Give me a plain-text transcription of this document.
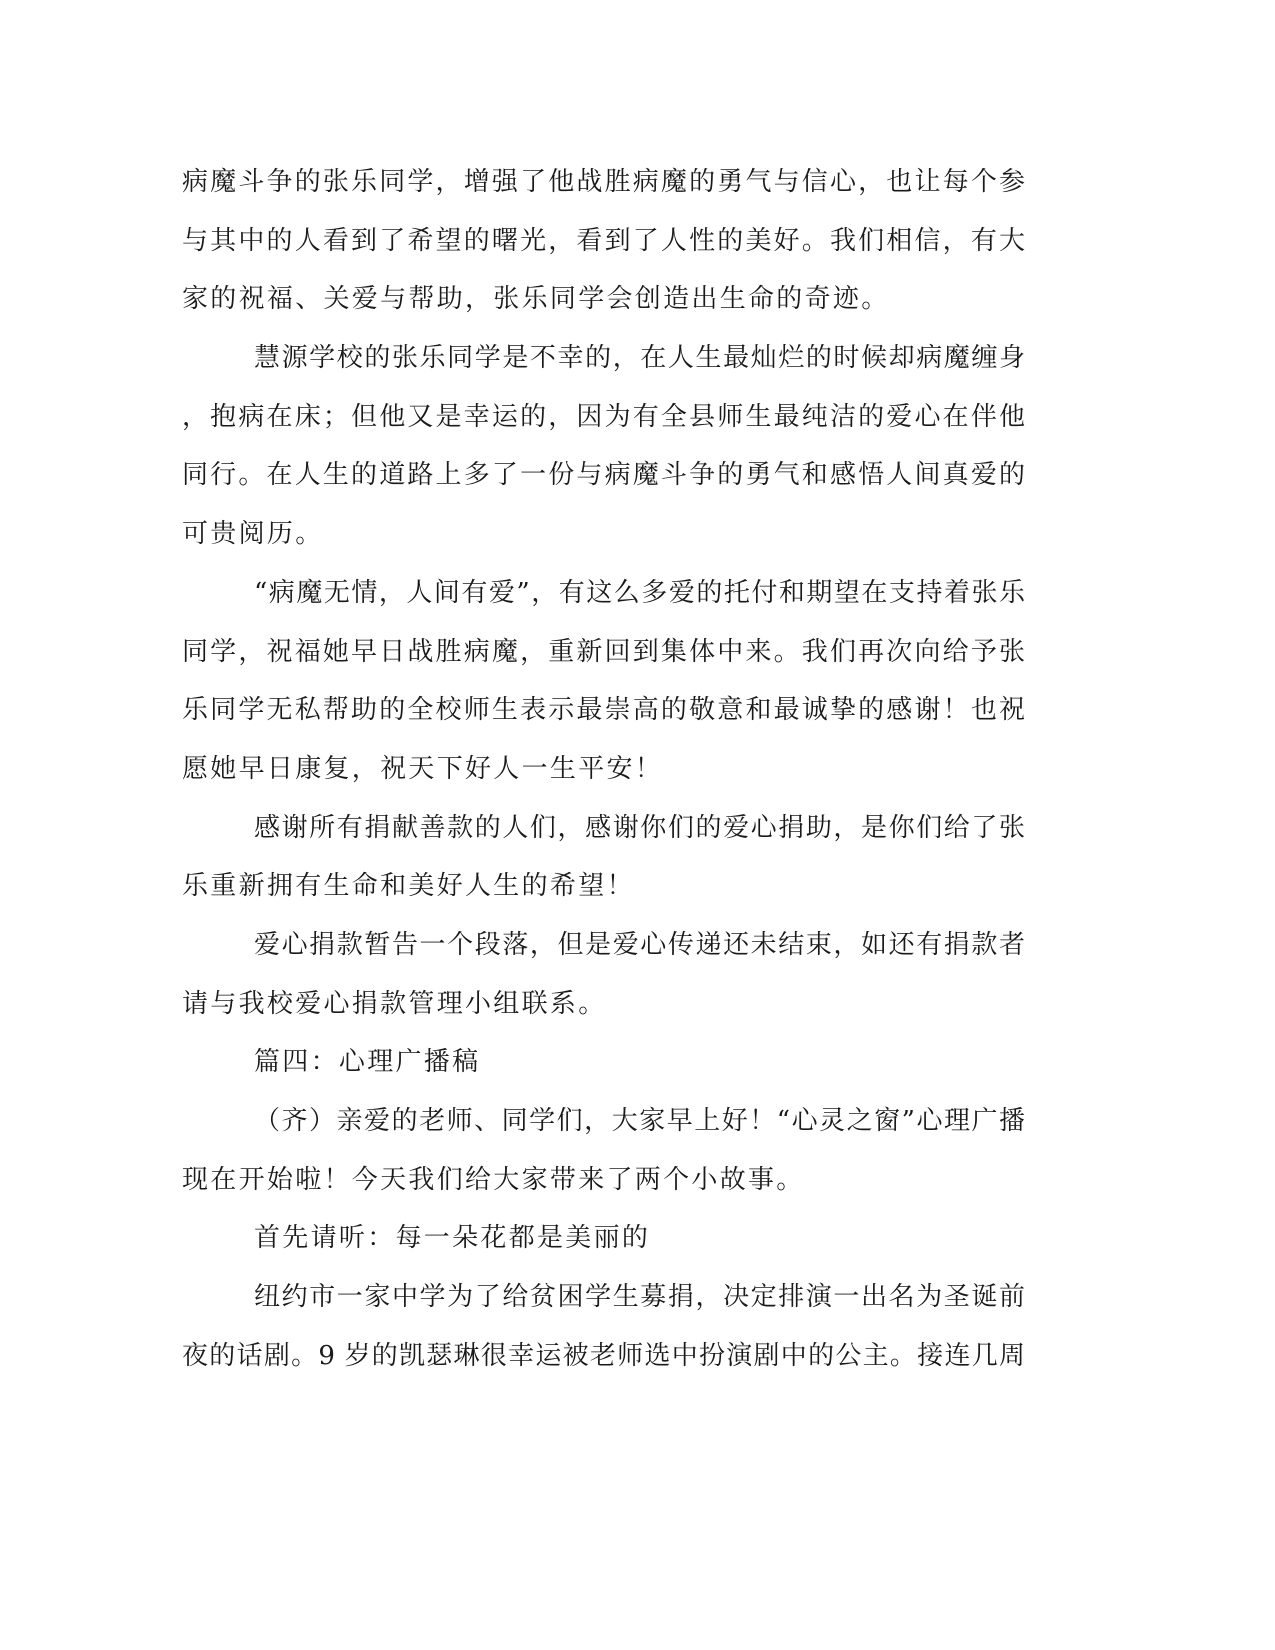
病魔斗争的张乐同学，增强了他战胜病魔的勇气与信心，也让每个参
与其中的人看到了希望的曙光，看到了人性的美好。我们相信，有大
家的祝福、关爱与帮助，张乐同学会创造出生命的奇迹。
慧源学校的张乐同学是不幸的，在人生最灿烂的时候却病魔缠身
，抱病在床；但他又是幸运的，因为有全县师生最纯洁的爱心在伴他
同行。在人生的道路上多了一份与病魔斗争的勇气和感悟人间真爱的
可贵阅历。
“病魔无情，人间有爱”，有这么多爱的托付和期望在支持着张乐
同学，祝福她早日战胜病魔，重新回到集体中来。我们再次向给予张
乐同学无私帮助的全校师生表示最崇高的敬意和最诚挚的感谢！也祝
愿她早日康复，祝天下好人一生平安！
感谢所有捐献善款的人们，感谢你们的爱心捐助，是你们给了张
乐重新拥有生命和美好人生的希望！
爱心捐款暂告一个段落，但是爱心传递还未结束，如还有捐款者
请与我校爱心捐款管理小组联系。
篇四：心理广播稿
（齐）亲爱的老师、同学们，大家早上好！“心灵之窗”心理广播
现在开始啦！今天我们给大家带来了两个小故事。
首先请听：每一朵花都是美丽的
纽约市一家中学为了给贫困学生募捐，决定排演一出名为圣诞前
夜的话剧。9 岁的凯瑟琳很幸运被老师选中扮演剧中的公主。接连几周
